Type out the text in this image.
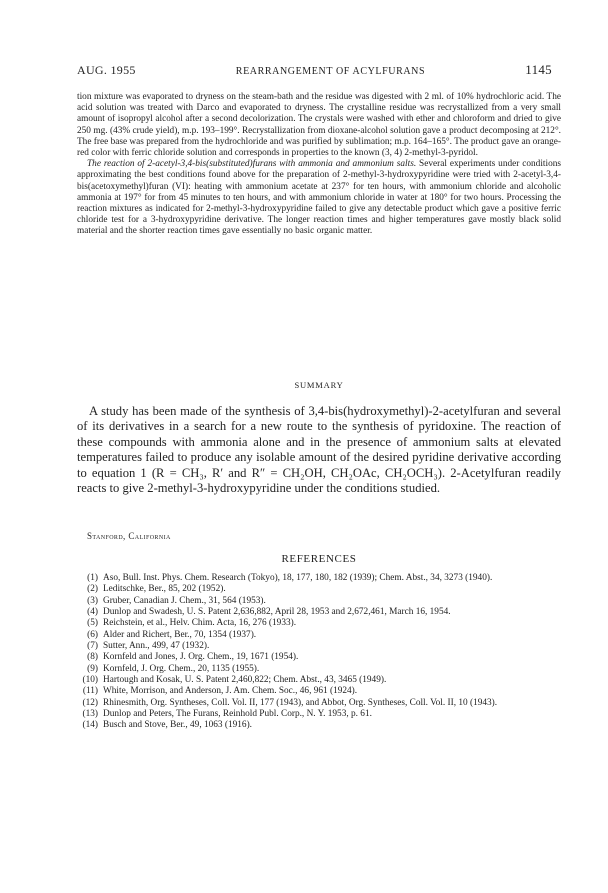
AUG. 1955	REARRANGEMENT OF ACYLFURANS	1145

tion mixture was evaporated to dryness on the steam-bath and the residue was digested with 2 ml. of 10% hydrochloric acid. The acid solution was treated with Darco and evaporated to dryness. The crystalline residue was recrystallized from a very small amount of isopropyl alcohol after a second decolorization. The crystals were washed with ether and chloroform and dried to give 250 mg. (43% crude yield), m.p. 193–199°. Recrystallization from dioxane-alcohol solution gave a product decomposing at 212°. The free base was prepared from the hydrochloride and was purified by sublimation; m.p. 164–165°. The product gave an orange-red color with ferric chloride solution and corresponds in properties to the known (3, 4) 2-methyl-3-pyridol.

The reaction of 2-acetyl-3,4-bis(substituted)furans with ammonia and ammonium salts. Several experiments under conditions approximating the best conditions found above for the preparation of 2-methyl-3-hydroxypyridine were tried with 2-acetyl-3,4-bis(acetoxymethyl)furan (VI): heating with ammonium acetate at 237° for ten hours, with ammonium chloride and alcoholic ammonia at 197° for from 45 minutes to ten hours, and with ammonium chloride in water at 180° for two hours. Processing the reaction mixtures as indicated for 2-methyl-3-hydroxypyridine failed to give any detectable product which gave a positive ferric chloride test for a 3-hydroxypyridine derivative. The longer reaction times and higher temperatures gave mostly black solid material and the shorter reaction times gave essentially no basic organic matter.

SUMMARY

A study has been made of the synthesis of 3,4-bis(hydroxymethyl)-2-acetylfuran and several of its derivatives in a search for a new route to the synthesis of pyridoxine. The reaction of these compounds with ammonia alone and in the presence of ammonium salts at elevated temperatures failed to produce any isolable amount of the desired pyridine derivative according to equation 1 (R = CH₃, R′ and R″ = CH₂OH, CH₂OAc, CH₂OCH₃). 2-Acetylfuran readily reacts to give 2-methyl-3-hydroxypyridine under the conditions studied.

Stanford, California
REFERENCES
(1) Aso, Bull. Inst. Phys. Chem. Research (Tokyo), 18, 177, 180, 182 (1939); Chem. Abst., 34, 3273 (1940).
(2) Leditschke, Ber., 85, 202 (1952).
(3) Gruber, Canadian J. Chem., 31, 564 (1953).
(4) Dunlop and Swadesh, U. S. Patent 2,636,882, April 28, 1953 and 2,672,461, March 16, 1954.
(5) Reichstein, et al., Helv. Chim. Acta, 16, 276 (1933).
(6) Alder and Richert, Ber., 70, 1354 (1937).
(7) Sutter, Ann., 499, 47 (1932).
(8) Kornfeld and Jones, J. Org. Chem., 19, 1671 (1954).
(9) Kornfeld, J. Org. Chem., 20, 1135 (1955).
(10) Hartough and Kosak, U. S. Patent 2,460,822; Chem. Abst., 43, 3465 (1949).
(11) White, Morrison, and Anderson, J. Am. Chem. Soc., 46, 961 (1924).
(12) Rhinesmith, Org. Syntheses, Coll. Vol. II, 177 (1943), and Abbot, Org. Syntheses, Coll. Vol. II, 10 (1943).
(13) Dunlop and Peters, The Furans, Reinhold Publ. Corp., N. Y. 1953, p. 61.
(14) Busch and Stove, Ber., 49, 1063 (1916).
